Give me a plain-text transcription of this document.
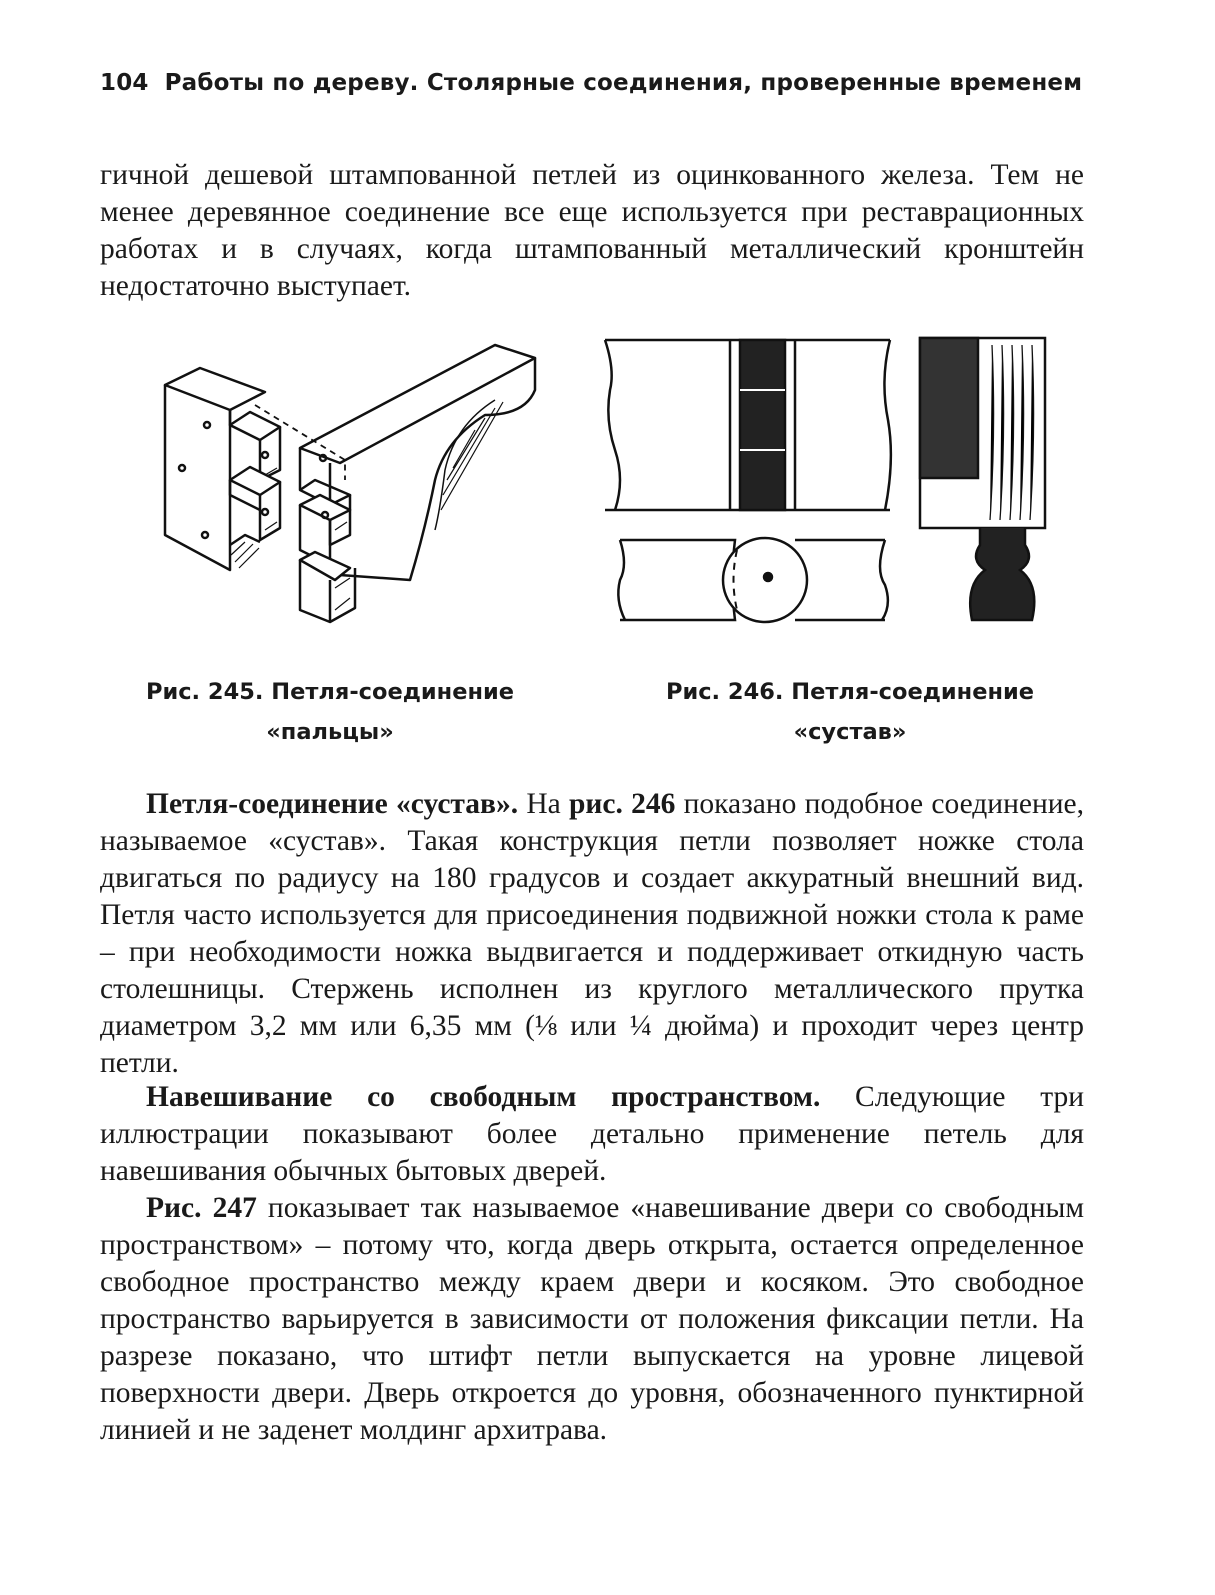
104 Работы по дереву. Столярные соединения, проверенные временем

гичной дешевой штампованной петлей из оцинкованного железа. Тем не менее деревянное соединение все еще используется при реставрационных работах и в случаях, когда штампованный металлический кронштейн недостаточно выступает.

Рис. 245. Петля-соединение
«пальцы»
Рис. 246. Петля-соединение
«сустав»

Петля-соединение «сустав». На рис. 246 показано подобное соединение, называемое «сустав». Такая конструкция петли позволяет ножке стола двигаться по радиусу на 180 градусов и создает аккуратный внешний вид. Петля часто используется для присоединения подвижной ножки стола к раме – при необходимости ножка выдвигается и поддерживает откидную часть столешницы. Стержень исполнен из круглого металлического прутка диаметром 3,2 мм или 6,35 мм (⅛ или ¼ дюйма) и проходит через центр петли.

Навешивание со свободным пространством. Следующие три иллюстрации показывают более детально применение петель для навешивания обычных бытовых дверей.

Рис. 247 показывает так называемое «навешивание двери со свободным пространством» – потому что, когда дверь открыта, остается определенное свободное пространство между краем двери и косяком. Это свободное пространство варьируется в зависимости от положения фиксации петли. На разрезе показано, что штифт петли выпускается на уровне лицевой поверхности двери. Дверь откроется до уровня, обозначенного пунктирной линией и не заденет молдинг архитрава.
